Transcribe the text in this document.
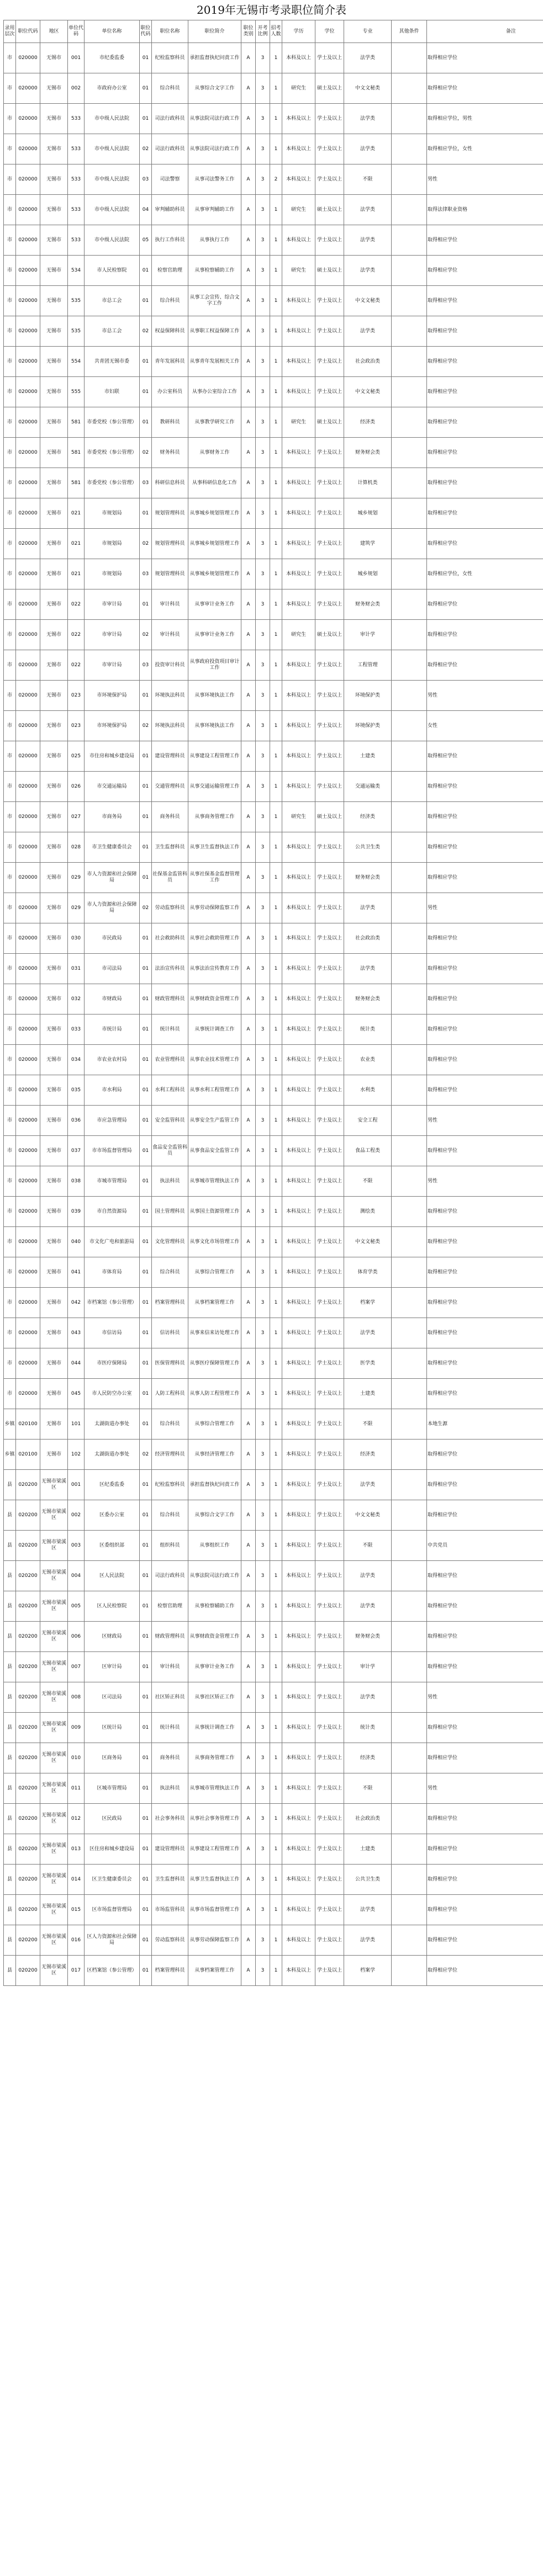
2019年无锡市考录职位简介表
录用层次	职位代码	地区	单位代码	单位名称	职位代码	职位名称	职位简介	职位类别	开考比例	招考人数	学历	学位	专业	其他条件	备注
市	020000	无锡市	001	市纪委监委	01	纪检监察科员	承担监督执纪问责工作	A	3	1	本科及以上	学士及以上	法学类		取得相应学位
市	020000	无锡市	002	市政府办公室	01	综合科员	从事综合文字工作	A	3	1	研究生	硕士及以上	中文文秘类		取得相应学位
市	020000	无锡市	533	市中级人民法院	01	司法行政科员	从事法院司法行政工作	A	3	1	本科及以上	学士及以上	法学类		取得相应学位，男性
市	020000	无锡市	533	市中级人民法院	02	司法行政科员	从事法院司法行政工作	A	3	1	本科及以上	学士及以上	法学类		取得相应学位，女性
市	020000	无锡市	533	市中级人民法院	03	司法警察	从事司法警务工作	A	3	2	本科及以上	学士及以上	不限		男性
市	020000	无锡市	533	市中级人民法院	04	审判辅助科员	从事审判辅助工作	A	3	1	研究生	硕士及以上	法学类		取得法律职业资格
市	020000	无锡市	533	市中级人民法院	05	执行工作科员	从事执行工作	A	3	1	本科及以上	学士及以上	法学类		取得相应学位
市	020000	无锡市	534	市人民检察院	01	检察官助理	从事检察辅助工作	A	3	1	研究生	硕士及以上	法学类		取得相应学位
市	020000	无锡市	535	市总工会	01	综合科员	从事工会宣传、综合文字工作	A	3	1	本科及以上	学士及以上	中文文秘类		取得相应学位
市	020000	无锡市	535	市总工会	02	权益保障科员	从事职工权益保障工作	A	3	1	本科及以上	学士及以上	法学类		取得相应学位
市	020000	无锡市	554	共青团无锡市委	01	青年发展科员	从事青年发展相关工作	A	3	1	本科及以上	学士及以上	社会政治类		取得相应学位
市	020000	无锡市	555	市妇联	01	办公室科员	从事办公室综合工作	A	3	1	本科及以上	学士及以上	中文文秘类		取得相应学位
市	020000	无锡市	581	市委党校（参公管理）	01	教研科员	从事教学研究工作	A	3	1	研究生	硕士及以上	经济类		取得相应学位
市	020000	无锡市	581	市委党校（参公管理）	02	财务科员	从事财务工作	A	3	1	本科及以上	学士及以上	财务财会类		取得相应学位
市	020000	无锡市	581	市委党校（参公管理）	03	科研信息科员	从事科研信息化工作	A	3	1	本科及以上	学士及以上	计算机类		取得相应学位
市	020000	无锡市	021	市规划局	01	规划管理科员	从事城乡规划管理工作	A	3	1	本科及以上	学士及以上	城乡规划		取得相应学位
市	020000	无锡市	021	市规划局	02	规划管理科员	从事城乡规划管理工作	A	3	1	本科及以上	学士及以上	建筑学		取得相应学位
市	020000	无锡市	021	市规划局	03	规划管理科员	从事城乡规划管理工作	A	3	1	本科及以上	学士及以上	城乡规划		取得相应学位，女性
市	020000	无锡市	022	市审计局	01	审计科员	从事审计业务工作	A	3	1	本科及以上	学士及以上	财务财会类		取得相应学位
市	020000	无锡市	022	市审计局	02	审计科员	从事审计业务工作	A	3	1	研究生	硕士及以上	审计学		取得相应学位
市	020000	无锡市	022	市审计局	03	投资审计科员	从事政府投资项目审计工作	A	3	1	本科及以上	学士及以上	工程管理		取得相应学位
市	020000	无锡市	023	市环境保护局	01	环境执法科员	从事环境执法工作	A	3	1	本科及以上	学士及以上	环境保护类		男性
市	020000	无锡市	023	市环境保护局	02	环境执法科员	从事环境执法工作	A	3	1	本科及以上	学士及以上	环境保护类		女性
市	020000	无锡市	025	市住房和城乡建设局	01	建设管理科员	从事建设工程管理工作	A	3	1	本科及以上	学士及以上	土建类		取得相应学位
市	020000	无锡市	026	市交通运输局	01	交通管理科员	从事交通运输管理工作	A	3	1	本科及以上	学士及以上	交通运输类		取得相应学位
市	020000	无锡市	027	市商务局	01	商务科员	从事商务管理工作	A	3	1	研究生	硕士及以上	经济类		取得相应学位
市	020000	无锡市	028	市卫生健康委员会	01	卫生监督科员	从事卫生监督执法工作	A	3	1	本科及以上	学士及以上	公共卫生类		取得相应学位
市	020000	无锡市	029	市人力资源和社会保障局	01	社保基金监管科员	从事社保基金监督管理工作	A	3	1	本科及以上	学士及以上	财务财会类		取得相应学位
市	020000	无锡市	029	市人力资源和社会保障局	02	劳动监察科员	从事劳动保障监察工作	A	3	1	本科及以上	学士及以上	法学类		男性
市	020000	无锡市	030	市民政局	01	社会救助科员	从事社会救助管理工作	A	3	1	本科及以上	学士及以上	社会政治类		取得相应学位
市	020000	无锡市	031	市司法局	01	法治宣传科员	从事法治宣传教育工作	A	3	1	本科及以上	学士及以上	法学类		取得相应学位
市	020000	无锡市	032	市财政局	01	财政管理科员	从事财政资金管理工作	A	3	1	本科及以上	学士及以上	财务财会类		取得相应学位
市	020000	无锡市	033	市统计局	01	统计科员	从事统计调查工作	A	3	1	本科及以上	学士及以上	统计类		取得相应学位
市	020000	无锡市	034	市农业农村局	01	农业管理科员	从事农业技术管理工作	A	3	1	本科及以上	学士及以上	农业类		取得相应学位
市	020000	无锡市	035	市水利局	01	水利工程科员	从事水利工程管理工作	A	3	1	本科及以上	学士及以上	水利类		取得相应学位
市	020000	无锡市	036	市应急管理局	01	安全监管科员	从事安全生产监管工作	A	3	1	本科及以上	学士及以上	安全工程		男性
市	020000	无锡市	037	市市场监督管理局	01	食品安全监管科员	从事食品安全监管工作	A	3	1	本科及以上	学士及以上	食品工程类		取得相应学位
市	020000	无锡市	038	市城市管理局	01	执法科员	从事城市管理执法工作	A	3	1	本科及以上	学士及以上	不限		男性
市	020000	无锡市	039	市自然资源局	01	国土管理科员	从事国土资源管理工作	A	3	1	本科及以上	学士及以上	测绘类		取得相应学位
市	020000	无锡市	040	市文化广电和旅游局	01	文化管理科员	从事文化市场管理工作	A	3	1	本科及以上	学士及以上	中文文秘类		取得相应学位
市	020000	无锡市	041	市体育局	01	综合科员	从事综合管理工作	A	3	1	本科及以上	学士及以上	体育学类		取得相应学位
市	020000	无锡市	042	市档案馆（参公管理）	01	档案管理科员	从事档案管理工作	A	3	1	本科及以上	学士及以上	档案学		取得相应学位
市	020000	无锡市	043	市信访局	01	信访科员	从事来信来访处理工作	A	3	1	本科及以上	学士及以上	法学类		取得相应学位
市	020000	无锡市	044	市医疗保障局	01	医保管理科员	从事医疗保障管理工作	A	3	1	本科及以上	学士及以上	医学类		取得相应学位
市	020000	无锡市	045	市人民防空办公室	01	人防工程科员	从事人防工程管理工作	A	3	1	本科及以上	学士及以上	土建类		取得相应学位
乡镇	020100	无锡市	101	太湖街道办事处	01	综合科员	从事综合管理工作	A	3	1	本科及以上	学士及以上	不限		本地生源
乡镇	020100	无锡市	102	太湖街道办事处	02	经济管理科员	从事经济管理工作	A	3	1	本科及以上	学士及以上	经济类		取得相应学位
县	020200	无锡市梁溪区	001	区纪委监委	01	纪检监察科员	承担监督执纪问责工作	A	3	1	本科及以上	学士及以上	法学类		取得相应学位
县	020200	无锡市梁溪区	002	区委办公室	01	综合科员	从事综合文字工作	A	3	1	本科及以上	学士及以上	中文文秘类		取得相应学位
县	020200	无锡市梁溪区	003	区委组织部	01	组织科员	从事组织工作	A	3	1	本科及以上	学士及以上	不限		中共党员
县	020200	无锡市梁溪区	004	区人民法院	01	司法行政科员	从事法院司法行政工作	A	3	1	本科及以上	学士及以上	法学类		取得相应学位
县	020200	无锡市梁溪区	005	区人民检察院	01	检察官助理	从事检察辅助工作	A	3	1	本科及以上	学士及以上	法学类		取得相应学位
县	020200	无锡市梁溪区	006	区财政局	01	财政管理科员	从事财政资金管理工作	A	3	1	本科及以上	学士及以上	财务财会类		取得相应学位
县	020200	无锡市梁溪区	007	区审计局	01	审计科员	从事审计业务工作	A	3	1	本科及以上	学士及以上	审计学		取得相应学位
县	020200	无锡市梁溪区	008	区司法局	01	社区矫正科员	从事社区矫正工作	A	3	1	本科及以上	学士及以上	法学类		男性
县	020200	无锡市梁溪区	009	区统计局	01	统计科员	从事统计调查工作	A	3	1	本科及以上	学士及以上	统计类		取得相应学位
县	020200	无锡市梁溪区	010	区商务局	01	商务科员	从事商务管理工作	A	3	1	本科及以上	学士及以上	经济类		取得相应学位
县	020200	无锡市梁溪区	011	区城市管理局	01	执法科员	从事城市管理执法工作	A	3	1	本科及以上	学士及以上	不限		男性
县	020200	无锡市梁溪区	012	区民政局	01	社会事务科员	从事社会事务管理工作	A	3	1	本科及以上	学士及以上	社会政治类		取得相应学位
县	020200	无锡市梁溪区	013	区住房和城乡建设局	01	建设管理科员	从事建设工程管理工作	A	3	1	本科及以上	学士及以上	土建类		取得相应学位
县	020200	无锡市梁溪区	014	区卫生健康委员会	01	卫生监督科员	从事卫生监督执法工作	A	3	1	本科及以上	学士及以上	公共卫生类		取得相应学位
县	020200	无锡市梁溪区	015	区市场监督管理局	01	市场监管科员	从事市场监督管理工作	A	3	1	本科及以上	学士及以上	法学类		取得相应学位
县	020200	无锡市梁溪区	016	区人力资源和社会保障局	01	劳动监察科员	从事劳动保障监察工作	A	3	1	本科及以上	学士及以上	法学类		取得相应学位
县	020200	无锡市梁溪区	017	区档案馆（参公管理）	01	档案管理科员	从事档案管理工作	A	3	1	本科及以上	学士及以上	档案学		取得相应学位
